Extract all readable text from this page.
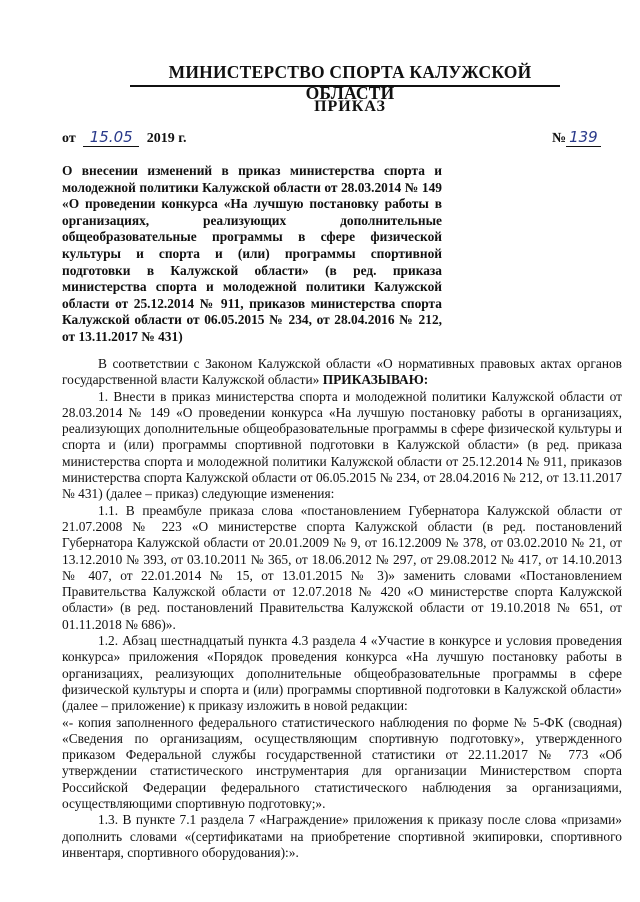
МИНИСТЕРСТВО СПОРТА КАЛУЖСКОЙ ОБЛАСТИ
ПРИКАЗ
от 15.05 2019 г.	№ 139
О внесении изменений в приказ министерства спорта и молодежной политики Калужской области от 28.03.2014 № 149 «О проведении конкурса «На лучшую постановку работы в организациях, реализующих дополнительные общеобразовательные программы в сфере физической культуры и спорта и (или) программы спортивной подготовки в Калужской области» (в ред. приказа министерства спорта и молодежной политики Калужской области от 25.12.2014 № 911, приказов министерства спорта Калужской области от 06.05.2015 № 234, от 28.04.2016 № 212, от 13.11.2017 № 431)

В соответствии с Законом Калужской области «О нормативных правовых актах органов государственной власти Калужской области» ПРИКАЗЫВАЮ:

1. Внести в приказ министерства спорта и молодежной политики Калужской области от 28.03.2014 № 149 «О проведении конкурса «На лучшую постановку работы в организациях, реализующих дополнительные общеобразовательные программы в сфере физической культуры и спорта и (или) программы спортивной подготовки в Калужской области» (в ред. приказа министерства спорта и молодежной политики Калужской области от 25.12.2014 № 911, приказов министерства спорта Калужской области от 06.05.2015 № 234, от 28.04.2016 № 212, от 13.11.2017 № 431) (далее – приказ) следующие изменения:

1.1. В преамбуле приказа слова «постановлением Губернатора Калужской области от 21.07.2008 № 223 «О министерстве спорта Калужской области (в ред. постановлений Губернатора Калужской области от 20.01.2009 № 9, от 16.12.2009 № 378, от 03.02.2010 № 21, от 13.12.2010 № 393, от 03.10.2011 № 365, от 18.06.2012 № 297, от 29.08.2012 № 417, от 14.10.2013 № 407, от 22.01.2014 № 15, от 13.01.2015 № 3)» заменить словами «Постановлением Правительства Калужской области от 12.07.2018 № 420 «О министерстве спорта Калужской области» (в ред. постановлений Правительства Калужской области от 19.10.2018 № 651, от 01.11.2018 № 686)».

1.2. Абзац шестнадцатый пункта 4.3 раздела 4 «Участие в конкурсе и условия проведения конкурса» приложения «Порядок проведения конкурса «На лучшую постановку работы в организациях, реализующих дополнительные общеобразовательные программы в сфере физической культуры и спорта и (или) программы спортивной подготовки в Калужской области» (далее – приложение) к приказу изложить в новой редакции:

«- копия заполненного федерального статистического наблюдения по форме № 5-ФК (сводная) «Сведения по организациям, осуществляющим спортивную подготовку», утвержденного приказом Федеральной службы государственной статистики от 22.11.2017 № 773 «Об утверждении статистического инструментария для организации Министерством спорта Российской Федерации федерального статистического наблюдения за организациями, осуществляющими спортивную подготовку;».

1.3. В пункте 7.1 раздела 7 «Награждение» приложения к приказу после слова «призами» дополнить словами «(сертификатами на приобретение спортивной экипировки, спортивного инвентаря, спортивного оборудования):».
